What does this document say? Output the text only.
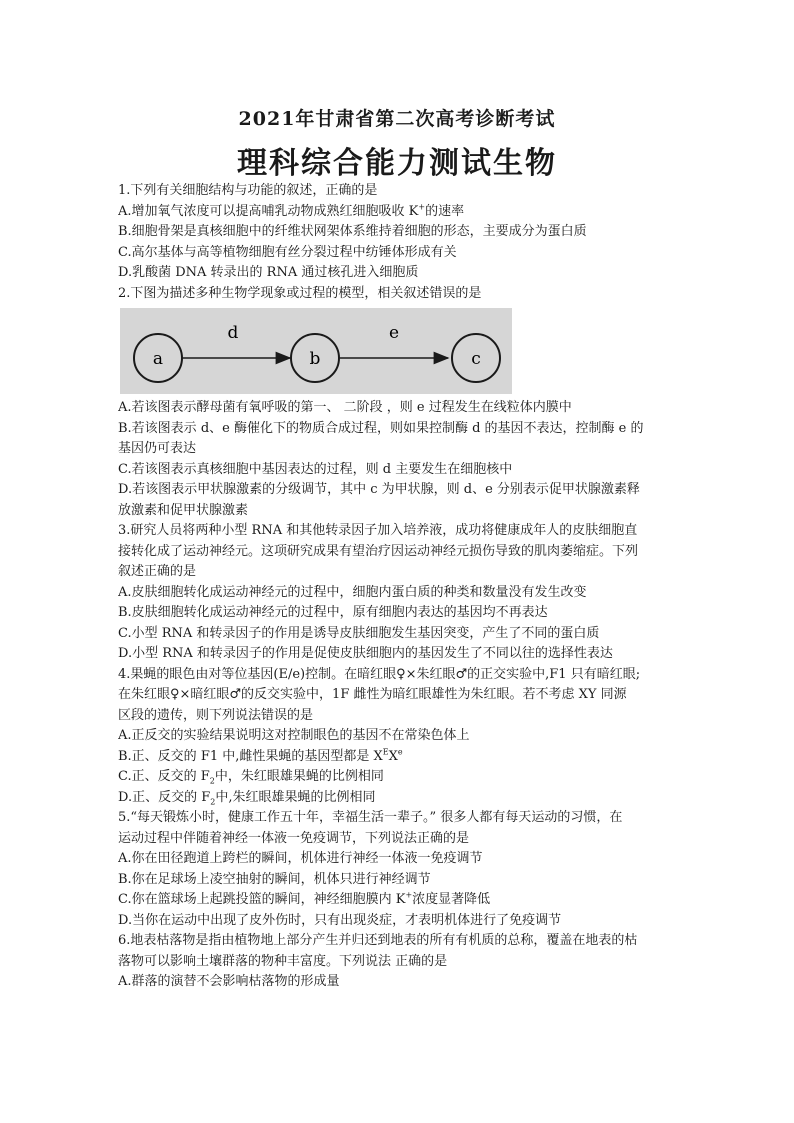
2021年甘肃省第二次高考诊断考试
理科综合能力测试生物
1.下列有关细胞结构与功能的叙述，正确的是
A.增加氧气浓度可以提高哺乳动物成熟红细胞吸收 K+的速率
B.细胞骨架是真核细胞中的纤维状网架体系维持着细胞的形态，主要成分为蛋白质
C.高尔基体与高等植物细胞有丝分裂过程中纺锤体形成有关
D.乳酸菌 DNA 转录出的 RNA 通过核孔进入细胞质
2.下图为描述多种生物学现象或过程的模型，相关叙述错误的是
a
d
b
e
c
A.若该图表示酵母菌有氧呼吸的第一、 二阶段 ，则 e 过程发生在线粒体内膜中
B.若该图表示 d、e 酶催化下的物质合成过程，则如果控制酶 d 的基因不表达，控制酶 e 的
基因仍可表达
C.若该图表示真核细胞中基因表达的过程，则 d 主要发生在细胞核中
D.若该图表示甲状腺激素的分级调节，其中 c 为甲状腺，则 d、e 分别表示促甲状腺激素释
放激素和促甲状腺激素
3.研究人员将两种小型 RNA 和其他转录因子加入培养液，成功将健康成年人的皮肤细胞直
接转化成了运动神经元。这项研究成果有望治疗因运动神经元损伤导致的肌肉萎缩症。下列
叙述正确的是
A.皮肤细胞转化成运动神经元的过程中，细胞内蛋白质的种类和数量没有发生改变
B.皮肤细胞转化成运动神经元的过程中，原有细胞内表达的基因均不再表达
C.小型 RNA 和转录因子的作用是诱导皮肤细胞发生基因突变，产生了不同的蛋白质
D.小型 RNA 和转录因子的作用是促使皮肤细胞内的基因发生了不同以往的选择性表达
4.果蝇的眼色由对等位基因(E/e)控制。在暗红眼♀×朱红眼♂的正交实验中,F1 只有暗红眼;
在朱红眼♀×暗红眼♂的反交实验中，1F 雌性为暗红眼雄性为朱红眼。若不考虑 XY 同源
区段的遗传，则下列说法错误的是
A.正反交的实验结果说明这对控制眼色的基因不在常染色体上
B.正、反交的 F1 中,雌性果蝇的基因型都是 $X^EXe$
C.正、反交的 $F_2$中，朱红眼雄果蝇的比例相同
D.正、反交的 $F_2$中,朱红眼雄果蝇的比例相同
5.“每天锻炼小时，健康工作五十年，幸福生活一辈子。” 很多人都有每天运动的习惯，在
运动过程中伴随着神经一体液一免疫调节，下列说法正确的是
A.你在田径跑道上跨栏的瞬间，机体进行神经一体液一免疫调节
B.你在足球场上凌空抽射的瞬间，机体只进行神经调节
C.你在篮球场上起跳投篮的瞬间，神经细胞膜内 K+浓度显著降低
D.当你在运动中出现了皮外伤时，只有出现炎症，才表明机体进行了免疫调节
6.地表枯落物是指由植物地上部分产生并归还到地表的所有有机质的总称，覆盖在地表的枯
落物可以影响土壤群落的物种丰富度。下列说法 正确的是
A.群落的演替不会影响枯落物的形成量
